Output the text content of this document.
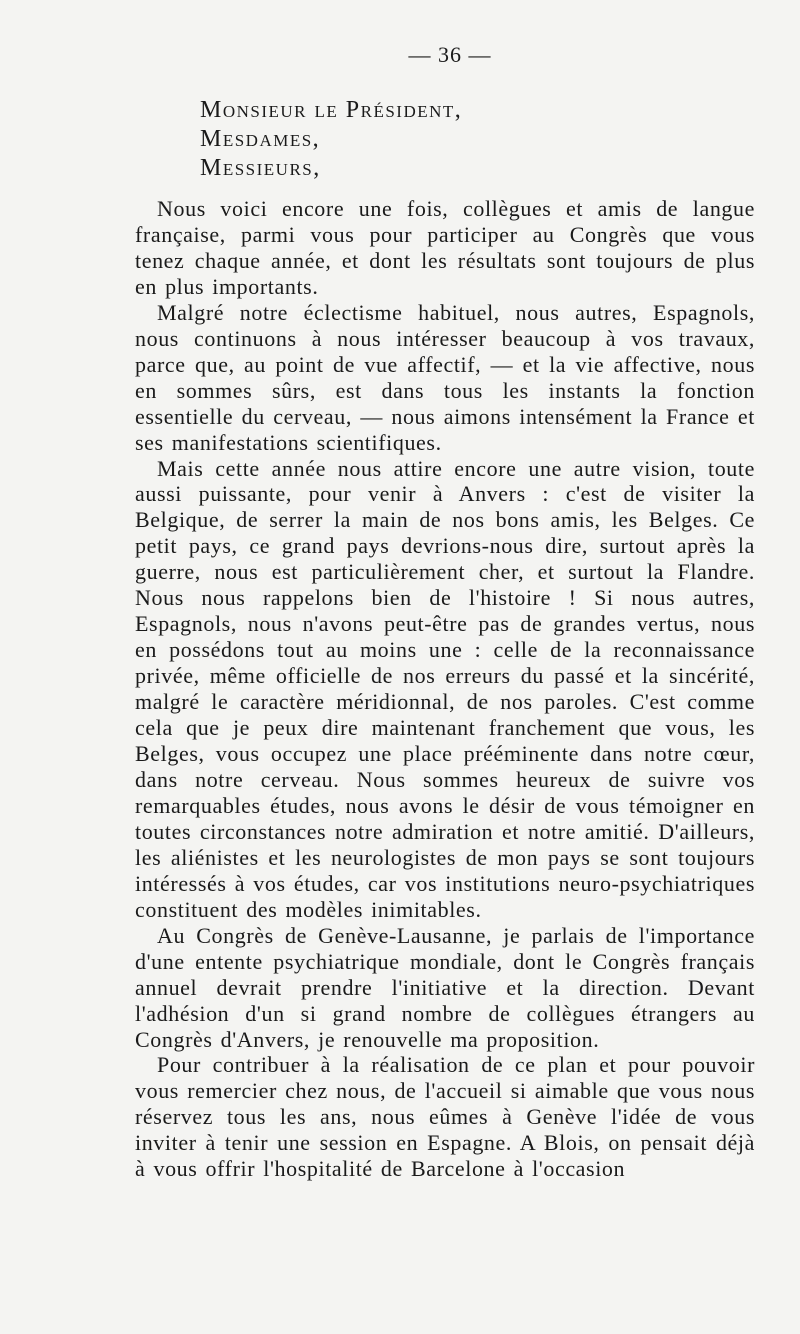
— 36 —
Monsieur le Président,
Mesdames,
Messieurs,

Nous voici encore une fois, collègues et amis de langue française, parmi vous pour participer au Congrès que vous tenez chaque année, et dont les résultats sont toujours de plus en plus importants.

Malgré notre éclectisme habituel, nous autres, Espagnols, nous continuons à nous intéresser beaucoup à vos travaux, parce que, au point de vue affectif, — et la vie affective, nous en sommes sûrs, est dans tous les instants la fonction essentielle du cerveau, — nous aimons intensément la France et ses manifestations scientifiques.

Mais cette année nous attire encore une autre vision, toute aussi puissante, pour venir à Anvers : c'est de visiter la Belgique, de serrer la main de nos bons amis, les Belges. Ce petit pays, ce grand pays devrions-nous dire, surtout après la guerre, nous est particulièrement cher, et surtout la Flandre. Nous nous rappelons bien de l'histoire ! Si nous autres, Espagnols, nous n'avons peut-être pas de grandes vertus, nous en possédons tout au moins une : celle de la reconnaissance privée, même officielle de nos erreurs du passé et la sincérité, malgré le caractère méridionnal, de nos paroles. C'est comme cela que je peux dire maintenant franchement que vous, les Belges, vous occupez une place prééminente dans notre cœur, dans notre cerveau. Nous sommes heureux de suivre vos remarquables études, nous avons le désir de vous témoigner en toutes circonstances notre admiration et notre amitié. D'ailleurs, les aliénistes et les neurologistes de mon pays se sont toujours intéressés à vos études, car vos institutions neuro-psychiatriques constituent des modèles inimitables.

Au Congrès de Genève-Lausanne, je parlais de l'importance d'une entente psychiatrique mondiale, dont le Congrès français annuel devrait prendre l'initiative et la direction. Devant l'adhésion d'un si grand nombre de collègues étrangers au Congrès d'Anvers, je renouvelle ma proposition.

Pour contribuer à la réalisation de ce plan et pour pouvoir vous remercier chez nous, de l'accueil si aimable que vous nous réservez tous les ans, nous eûmes à Genève l'idée de vous inviter à tenir une session en Espagne. A Blois, on pensait déjà à vous offrir l'hospitalité de Barcelone à l'occasion
